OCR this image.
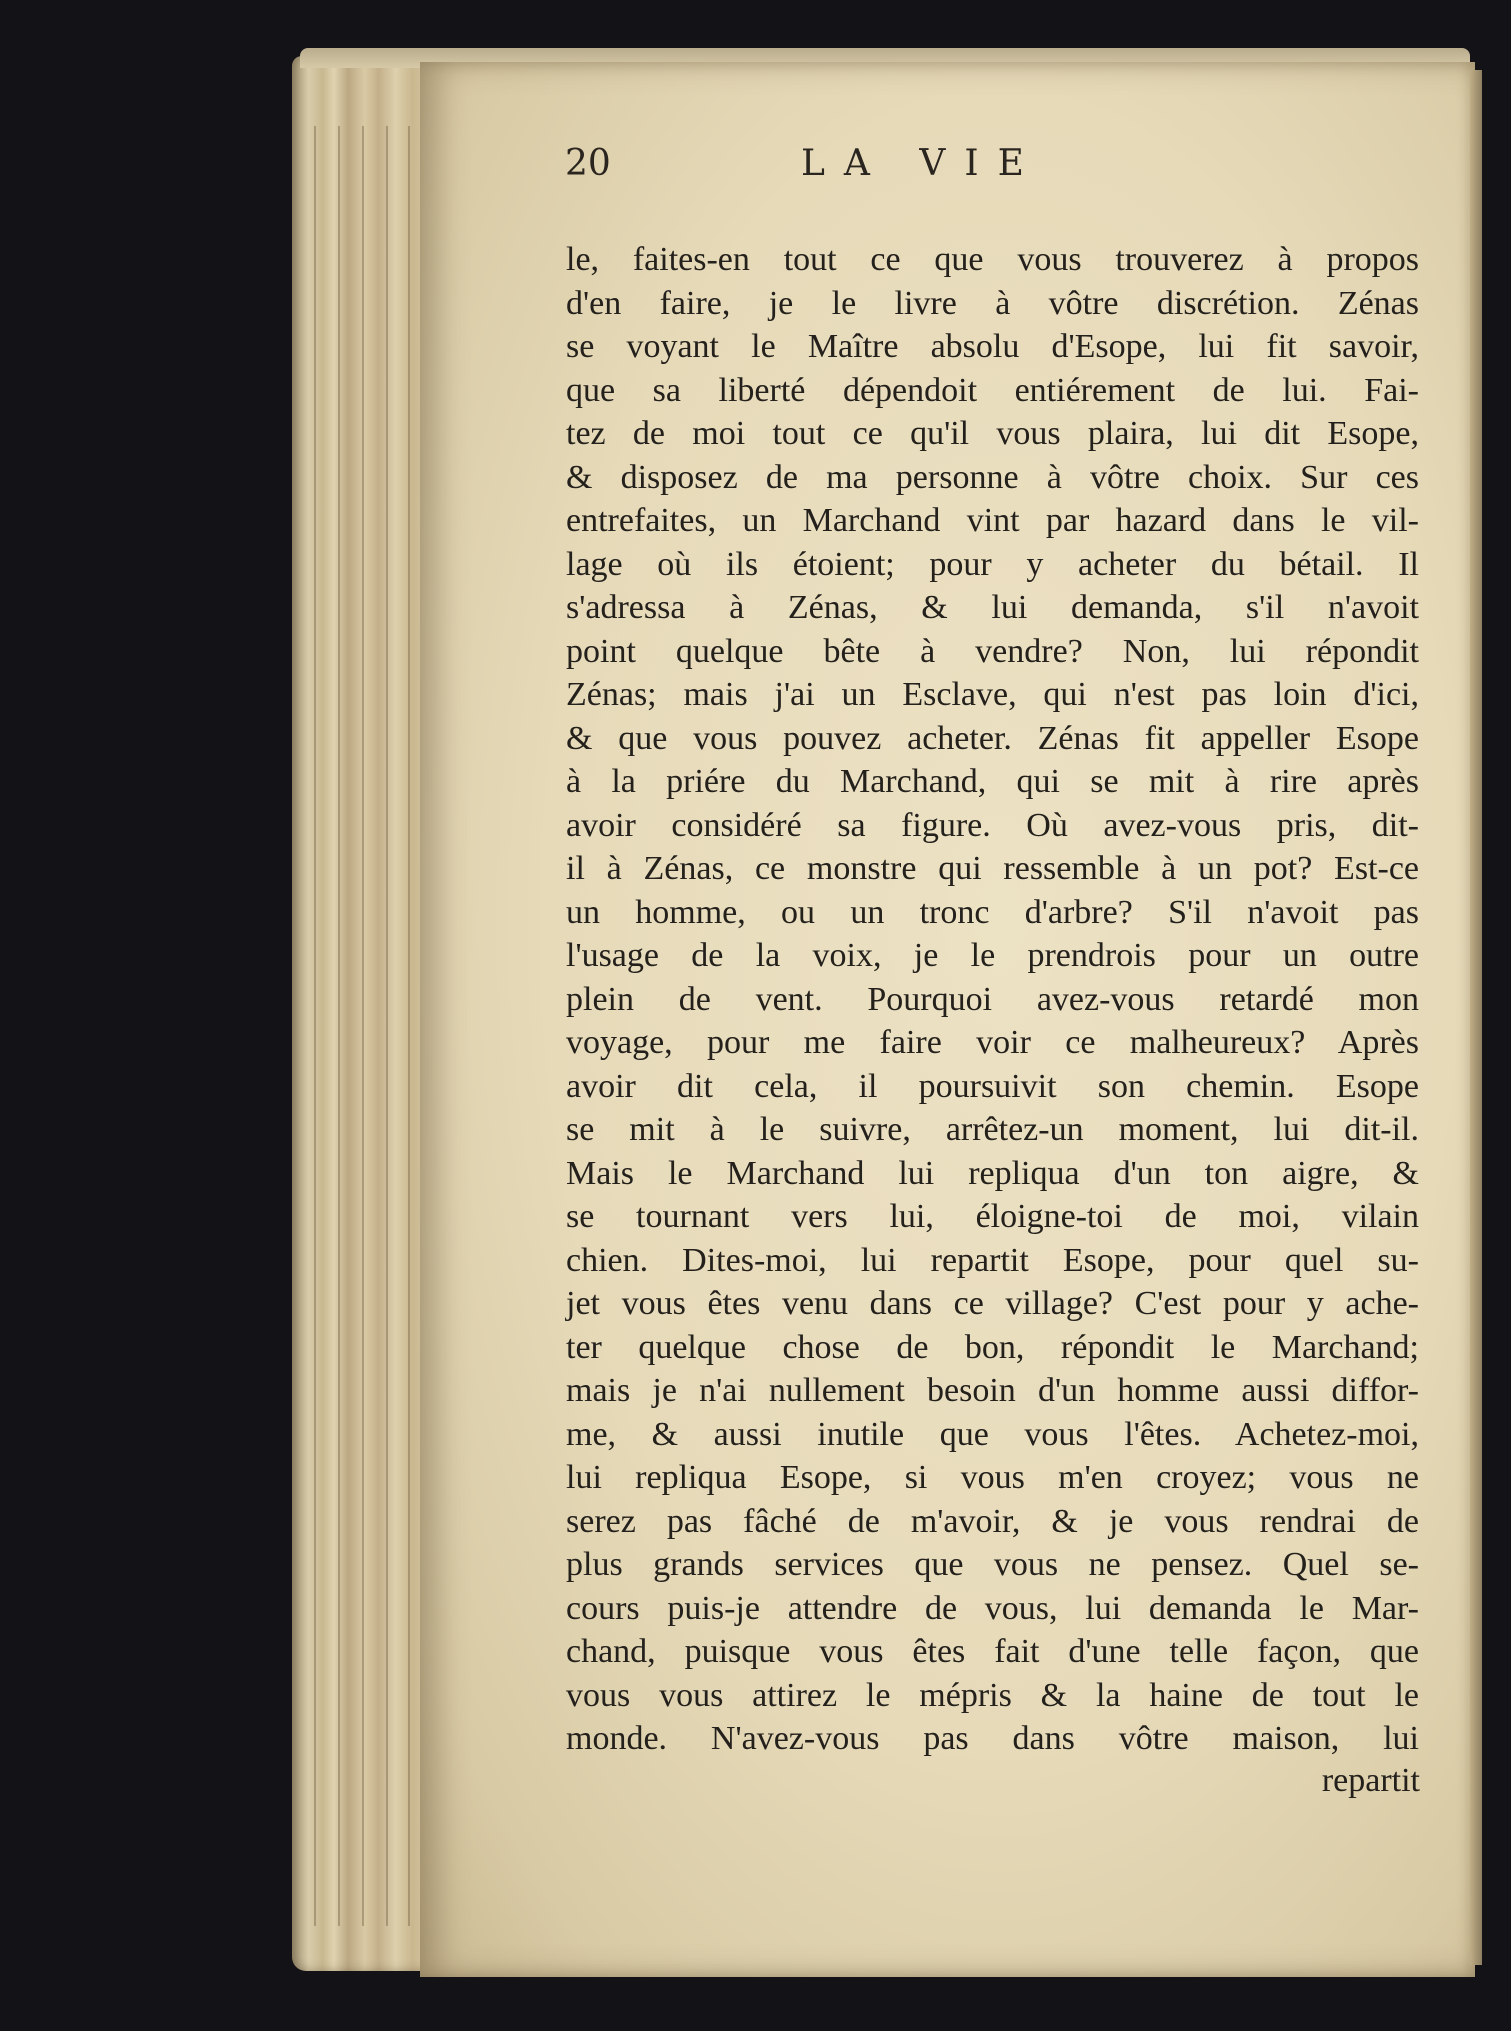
20	LA VIE
le, faites-en tout ce que vous trouverez à propos
d'en faire, je le livre à vôtre discrétion. Zénas
se voyant le Maître absolu d'Esope, lui fit savoir,
que sa liberté dépendoit entiérement de lui. Fai-
tez de moi tout ce qu'il vous plaira, lui dit Esope,
& disposez de ma personne à vôtre choix. Sur ces
entrefaites, un Marchand vint par hazard dans le vil-
lage où ils étoient; pour y acheter du bétail. Il
s'adressa à Zénas, & lui demanda, s'il n'avoit
point quelque bête à vendre? Non, lui répondit
Zénas; mais j'ai un Esclave, qui n'est pas loin d'ici,
& que vous pouvez acheter. Zénas fit appeller Esope
à la priére du Marchand, qui se mit à rire après
avoir considéré sa figure. Où avez-vous pris, dit-
il à Zénas, ce monstre qui ressemble à un pot? Est-ce
un homme, ou un tronc d'arbre? S'il n'avoit pas
l'usage de la voix, je le prendrois pour un outre
plein de vent. Pourquoi avez-vous retardé mon
voyage, pour me faire voir ce malheureux? Après
avoir dit cela, il poursuivit son chemin. Esope
se mit à le suivre, arrêtez-un moment, lui dit-il.
Mais le Marchand lui repliqua d'un ton aigre, &
se tournant vers lui, éloigne-toi de moi, vilain
chien. Dites-moi, lui repartit Esope, pour quel su-
jet vous êtes venu dans ce village? C'est pour y ache-
ter quelque chose de bon, répondit le Marchand;
mais je n'ai nullement besoin d'un homme aussi diffor-
me, & aussi inutile que vous l'êtes. Achetez-moi,
lui repliqua Esope, si vous m'en croyez; vous ne
serez pas fâché de m'avoir, & je vous rendrai de
plus grands services que vous ne pensez. Quel se-
cours puis-je attendre de vous, lui demanda le Mar-
chand, puisque vous êtes fait d'une telle façon, que
vous vous attirez le mépris & la haine de tout le
monde. N'avez-vous pas dans vôtre maison, lui
repartit
